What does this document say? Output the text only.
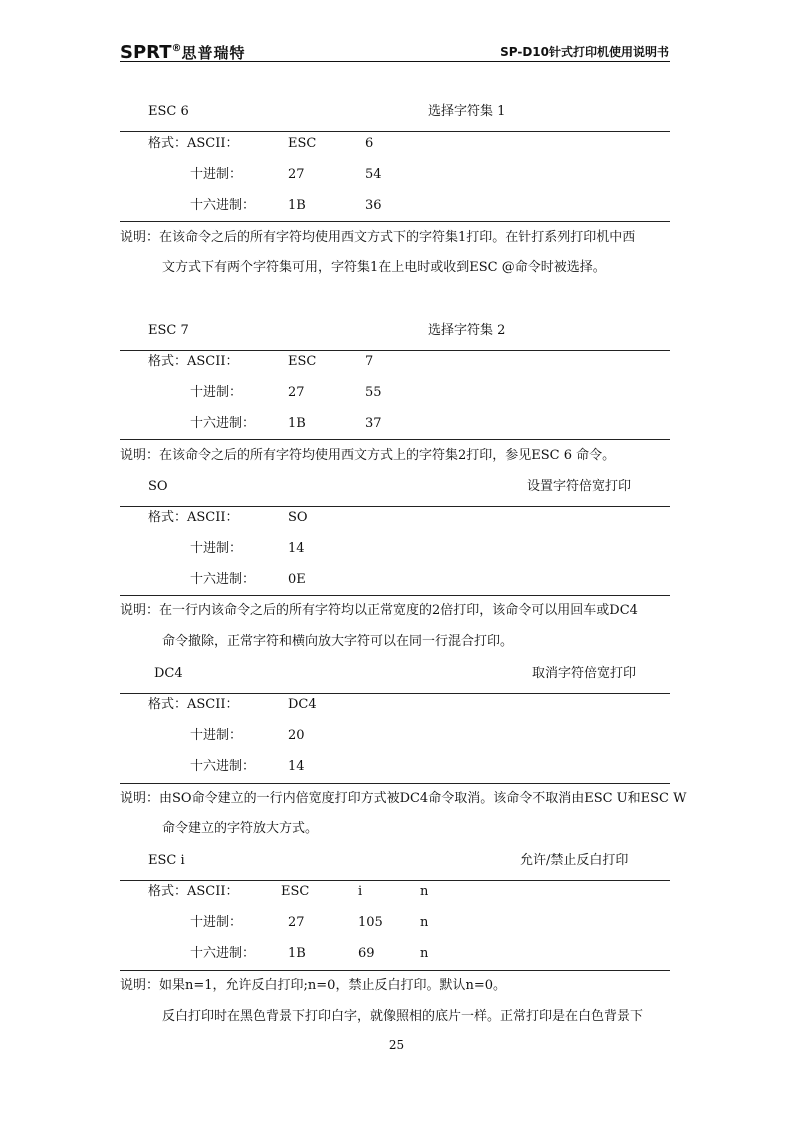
SPRT®思普瑞特	SP-D10针式打印机使用说明书
ESC 6	选择字符集 1
格式：ASCII：	ESC	6
十进制：	27	54
十六进制：	1B	36
说明：在该命令之后的所有字符均使用西文方式下的字符集1打印。在针打系列打印机中西
文方式下有两个字符集可用，字符集1在上电时或收到ESC @命令时被选择。
ESC 7	选择字符集 2
格式：ASCII：	ESC	7
十进制：	27	55
十六进制：	1B	37
说明：在该命令之后的所有字符均使用西文方式上的字符集2打印，参见ESC 6 命令。
SO	设置字符倍宽打印
格式：ASCII：	SO
十进制：	14
十六进制：	0E
说明：在一行内该命令之后的所有字符均以正常宽度的2倍打印，该命令可以用回车或DC4
命令撤除，正常字符和横向放大字符可以在同一行混合打印。
DC4	取消字符倍宽打印
格式：ASCII：	DC4
十进制：	20
十六进制：	14
说明：由SO命令建立的一行内倍宽度打印方式被DC4命令取消。该命令不取消由ESC U和ESC W
命令建立的字符放大方式。
ESC i	允许/禁止反白打印
格式：ASCII：	ESC	i	n
十进制：	27	105	n
十六进制：	1B	69	n
说明：如果n=1，允许反白打印;n=0，禁止反白打印。默认n=0。
反白打印时在黑色背景下打印白字，就像照相的底片一样。正常打印是在白色背景下
25
